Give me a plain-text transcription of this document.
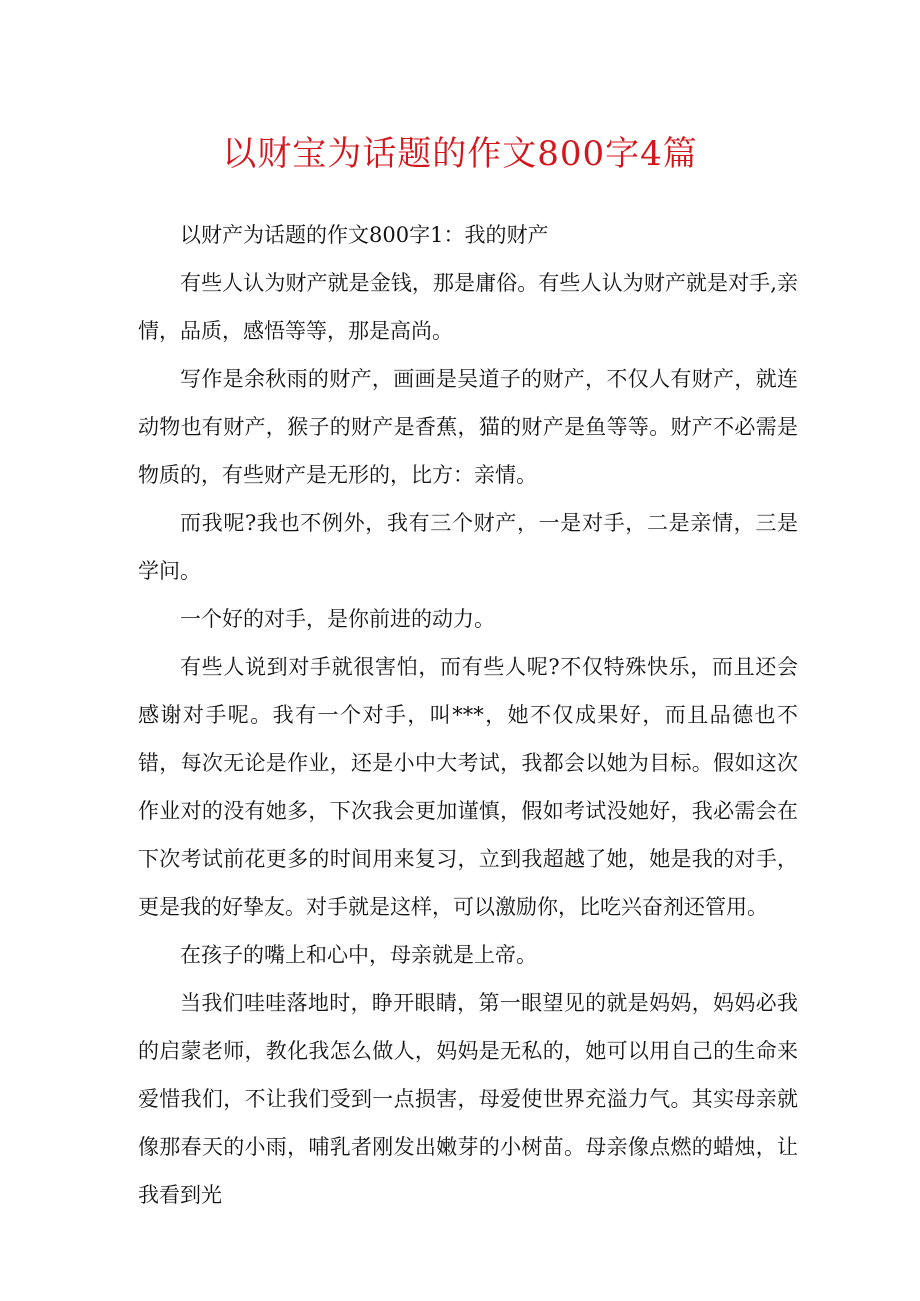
以财宝为话题的作文800字4篇

以财产为话题的作文800字1：我的财产

有些人认为财产就是金钱，那是庸俗。有些人认为财产就是对手,亲情，品质，感悟等等，那是高尚。

写作是余秋雨的财产，画画是吴道子的财产，不仅人有财产，就连动物也有财产，猴子的财产是香蕉，猫的财产是鱼等等。财产不必需是物质的，有些财产是无形的，比方：亲情。

而我呢?我也不例外，我有三个财产，一是对手，二是亲情，三是学问。

一个好的对手，是你前进的动力。

有些人说到对手就很害怕，而有些人呢?不仅特殊快乐，而且还会感谢对手呢。我有一个对手，叫***，她不仅成果好，而且品德也不错，每次无论是作业，还是小中大考试，我都会以她为目标。假如这次作业对的没有她多，下次我会更加谨慎，假如考试没她好，我必需会在下次考试前花更多的时间用来复习，立到我超越了她，她是我的对手，更是我的好挚友。对手就是这样，可以激励你，比吃兴奋剂还管用。

在孩子的嘴上和心中，母亲就是上帝。

当我们哇哇落地时，睁开眼睛，第一眼望见的就是妈妈，妈妈必我的启蒙老师，教化我怎么做人，妈妈是无私的，她可以用自己的生命来爱惜我们，不让我们受到一点损害，母爱使世界充溢力气。其实母亲就像那春天的小雨，哺乳者刚发出嫩芽的小树苗。母亲像点燃的蜡烛，让我看到光
